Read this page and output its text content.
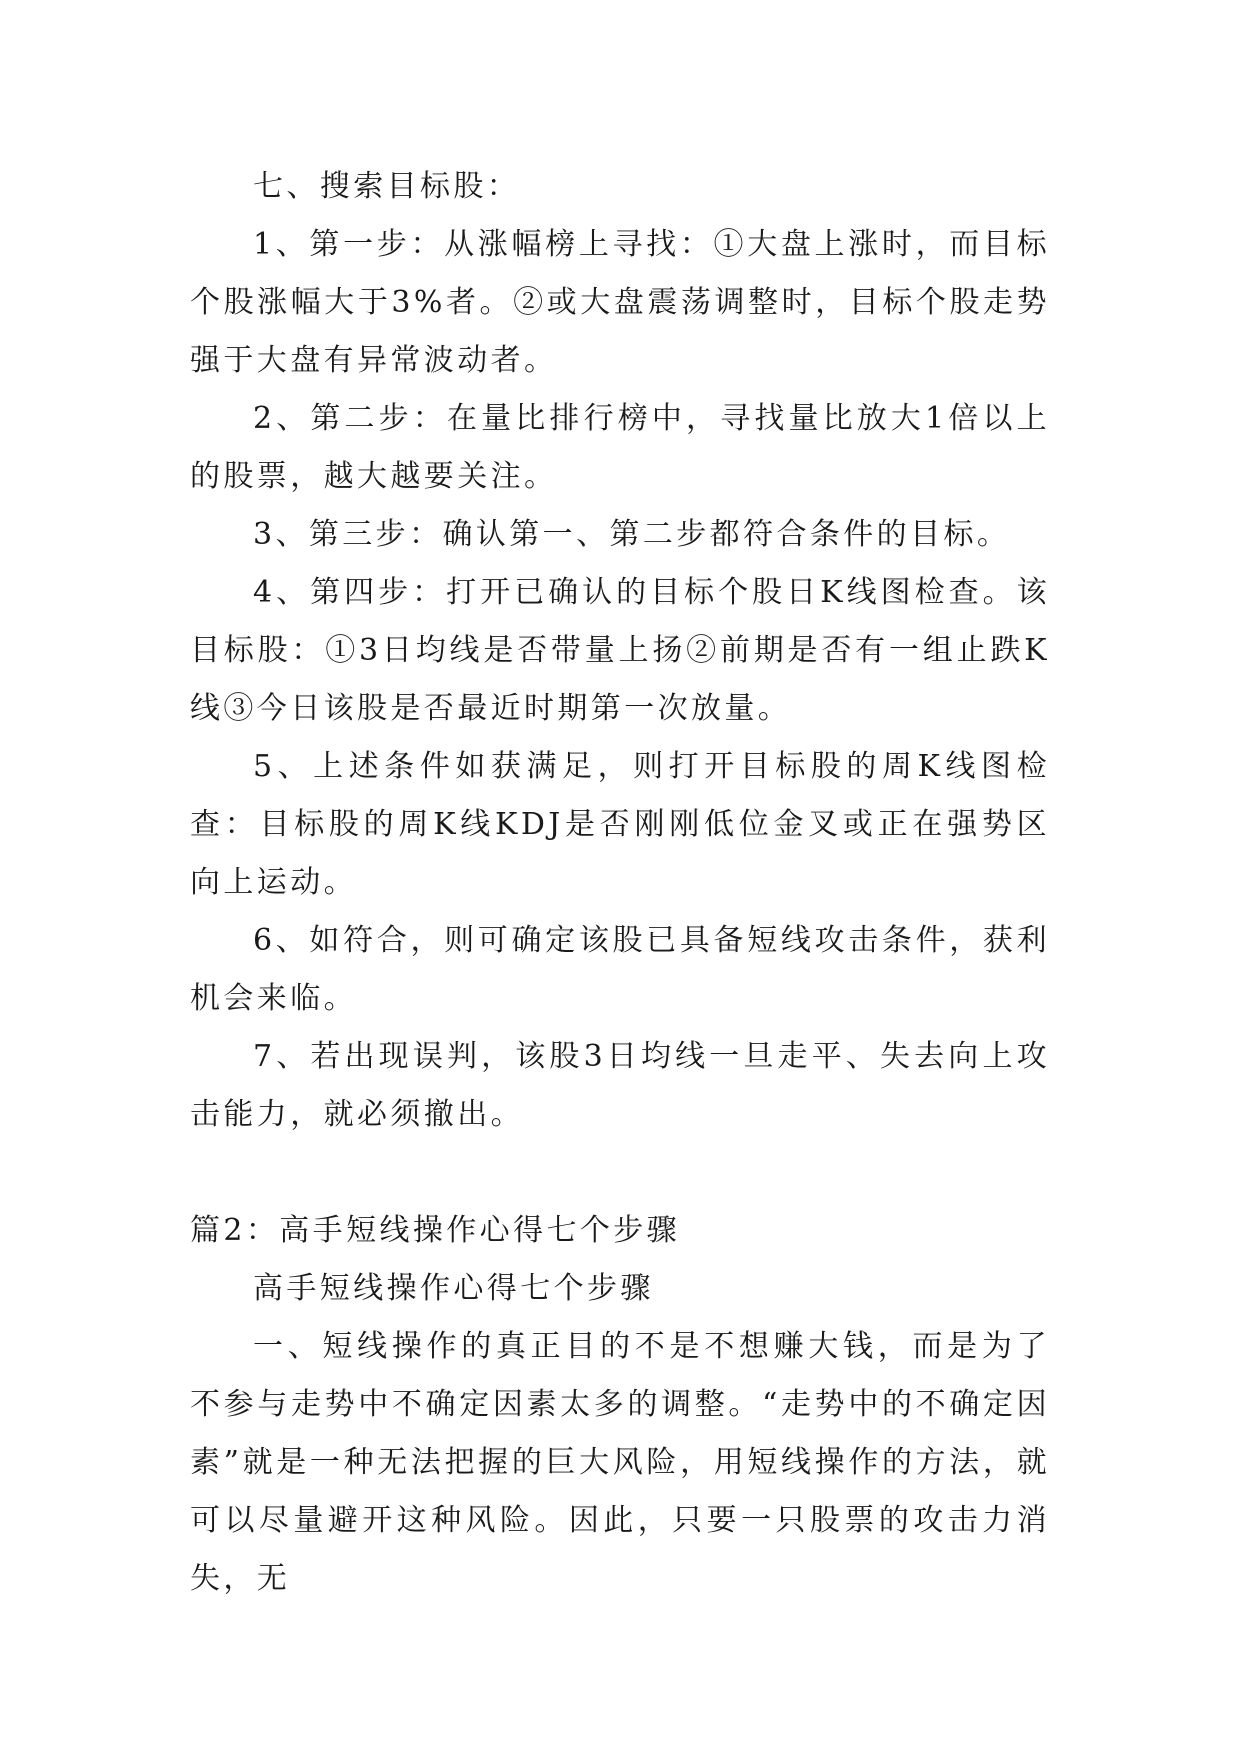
七、搜索目标股：

1、第一步：从涨幅榜上寻找：①大盘上涨时，而目标个股涨幅大于3%者。②或大盘震荡调整时，目标个股走势强于大盘有异常波动者。

2、第二步：在量比排行榜中，寻找量比放大1倍以上的股票，越大越要关注。

3、第三步：确认第一、第二步都符合条件的目标。

4、第四步：打开已确认的目标个股日K线图检查。该目标股：①3日均线是否带量上扬②前期是否有一组止跌K线③今日该股是否最近时期第一次放量。

5、上述条件如获满足，则打开目标股的周K线图检查：目标股的周K线KDJ是否刚刚低位金叉或正在强势区向上运动。

6、如符合，则可确定该股已具备短线攻击条件，获利机会来临。

7、若出现误判，该股3日均线一旦走平、失去向上攻击能力，就必须撤出。

篇2：高手短线操作心得七个步骤

高手短线操作心得七个步骤

一、短线操作的真正目的不是不想赚大钱，而是为了不参与走势中不确定因素太多的调整。“走势中的不确定因素”就是一种无法把握的巨大风险，用短线操作的方法，就可以尽量避开这种风险。因此，只要一只股票的攻击力消失，无
